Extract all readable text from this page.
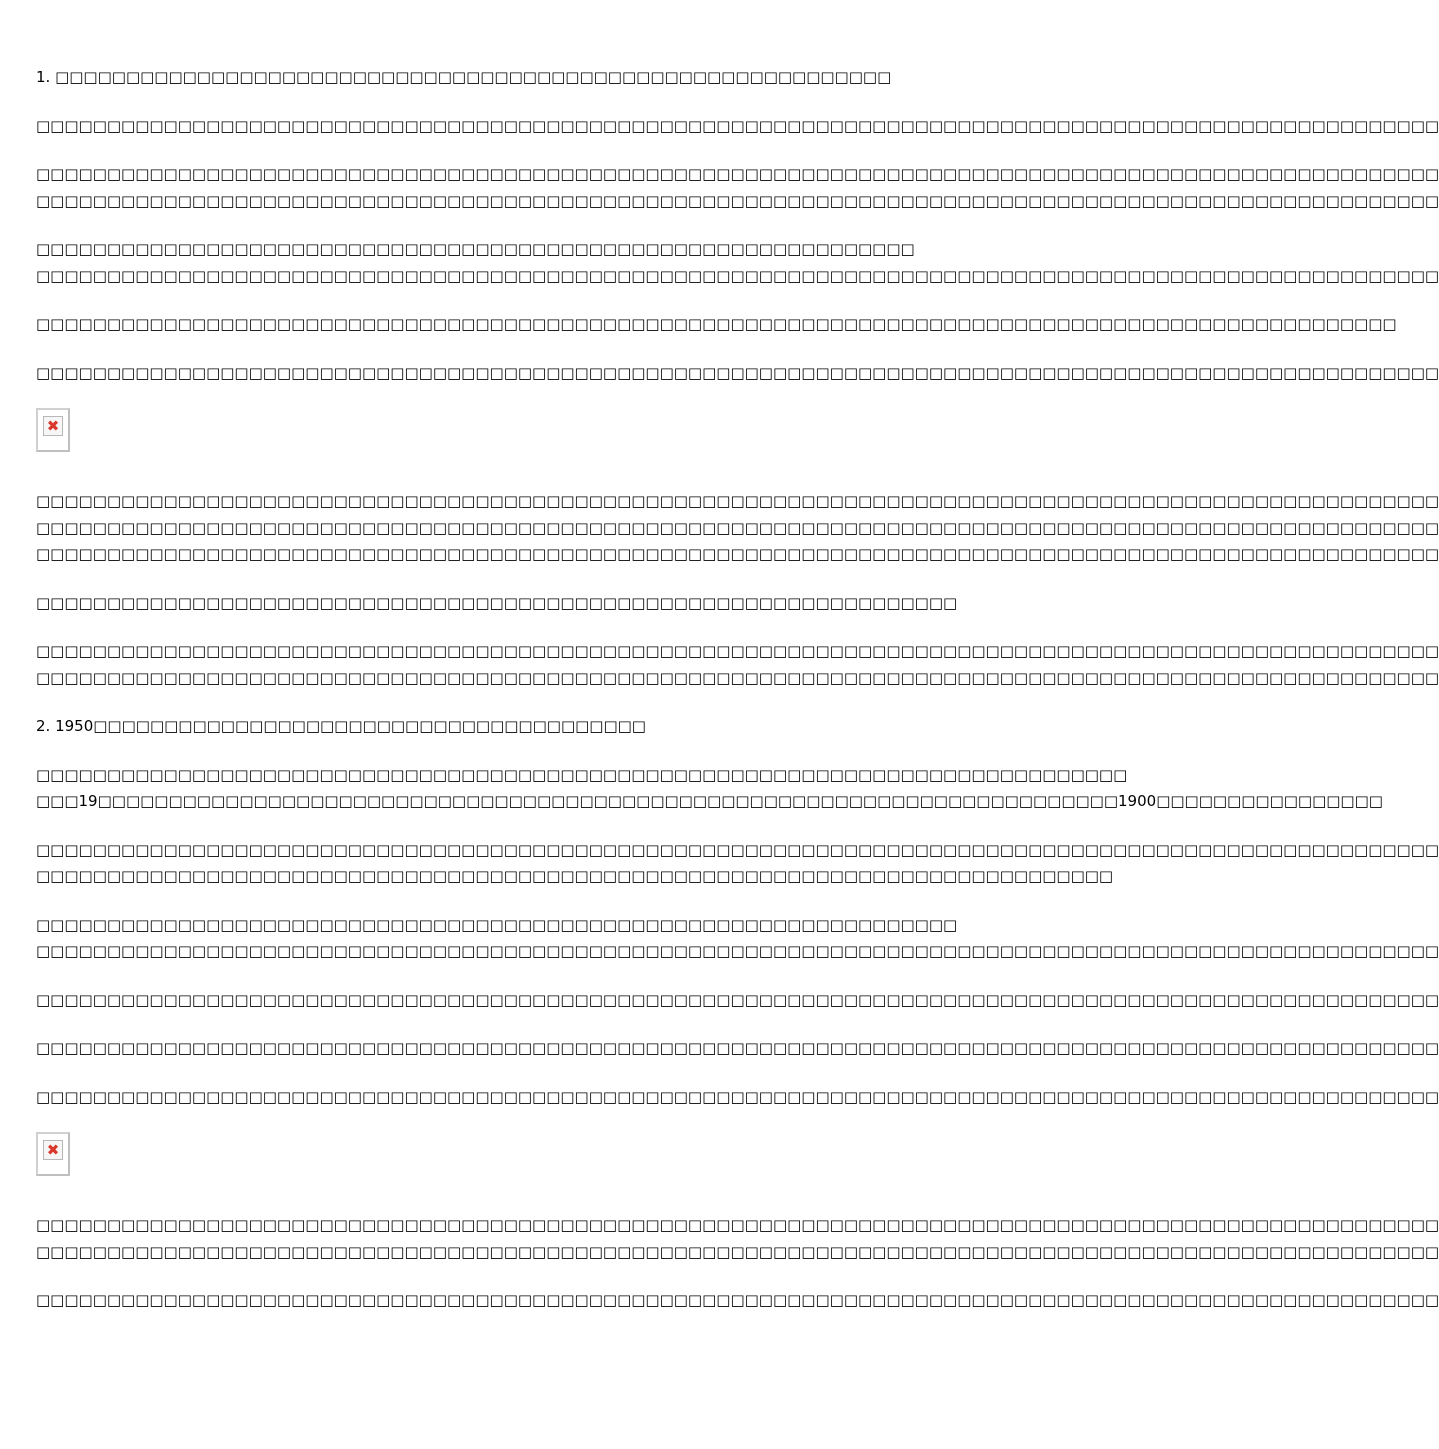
1. □□□□□□□□□□□□□□□□□□□□□□□□□□□□□□□□□□□□□□□□□□□□□□□□□□□□□□□□□□□
□□□□□□□□□□□□□□□□□□□□□□□□□□□□□□□□□□□□□□□□□□□□□□□□□□□□□□□□□□□□□□□□□□□□□□□□□□□□□□□□□□□□□□□□□□□□□□□□□□□
□□□□□□□□□□□□□□□□□□□□□□□□□□□□□□□□□□□□□□□□□□□□□□□□□□□□□□□□□□□□□□□□□□□□□□□□□□□□□□□□□□□□□□□□□□□□□□□□□□□
□□□□□□□□□□□□□□□□□□□□□□□□□□□□□□□□□□□□□□□□□□□□□□□□□□□□□□□□□□□□□□□□□□□□□□□□□□□□□□□□□□□□□□□□□□□□□□□□□□□
□□□□□□□□□□□□□□□□□□□□□□□□□□□□□□□□□□□□□□□□□□□□□□□□□□□□□□□□□□□□□□
□□□□□□□□□□□□□□□□□□□□□□□□□□□□□□□□□□□□□□□□□□□□□□□□□□□□□□□□□□□□□□□□□□□□□□□□□□□□□□□□□□□□□□□□□□□□□□□□□□□
□□□□□□□□□□□□□□□□□□□□□□□□□□□□□□□□□□□□□□□□□□□□□□□□□□□□□□□□□□□□□□□□□□□□□□□□□□□□□□□□□□□□□□□□□□□□□□□□
□□□□□□□□□□□□□□□□□□□□□□□□□□□□□□□□□□□□□□□□□□□□□□□□□□□□□□□□□□□□□□□□□□□□□□□□□□□□□□□□□□□□□□□□□□□□□□□□□□□
✖
□□□□□□□□□□□□□□□□□□□□□□□□□□□□□□□□□□□□□□□□□□□□□□□□□□□□□□□□□□□□□□□□□□□□□□□□□□□□□□□□□□□□□□□□□□□□□□□□□□□
□□□□□□□□□□□□□□□□□□□□□□□□□□□□□□□□□□□□□□□□□□□□□□□□□□□□□□□□□□□□□□□□□□□□□□□□□□□□□□□□□□□□□□□□□□□□□□□□□□□
□□□□□□□□□□□□□□□□□□□□□□□□□□□□□□□□□□□□□□□□□□□□□□□□□□□□□□□□□□□□□□□□□□□□□□□□□□□□□□□□□□□□□□□□□□□□□□□□□□□
□□□□□□□□□□□□□□□□□□□□□□□□□□□□□□□□□□□□□□□□□□□□□□□□□□□□□□□□□□□□□□□□□
□□□□□□□□□□□□□□□□□□□□□□□□□□□□□□□□□□□□□□□□□□□□□□□□□□□□□□□□□□□□□□□□□□□□□□□□□□□□□□□□□□□□□□□□□□□□□□□□□□□
□□□□□□□□□□□□□□□□□□□□□□□□□□□□□□□□□□□□□□□□□□□□□□□□□□□□□□□□□□□□□□□□□□□□□□□□□□□□□□□□□□□□□□□□□□□□□□□□□□□
2. 1950□□□□□□□□□□□□□□□□□□□□□□□□□□□□□□□□□□□□□□□
□□□□□□□□□□□□□□□□□□□□□□□□□□□□□□□□□□□□□□□□□□□□□□□□□□□□□□□□□□□□□□□□□□□□□□□□□□□□□
□□□19□□□□□□□□□□□□□□□□□□□□□□□□□□□□□□□□□□□□□□□□□□□□□□□□□□□□□□□□□□□□□□□□□□□□□□□□1900□□□□□□□□□□□□□□□□
□□□□□□□□□□□□□□□□□□□□□□□□□□□□□□□□□□□□□□□□□□□□□□□□□□□□□□□□□□□□□□□□□□□□□□□□□□□□□□□□□□□□□□□□□□□□□□□□□□□
□□□□□□□□□□□□□□□□□□□□□□□□□□□□□□□□□□□□□□□□□□□□□□□□□□□□□□□□□□□□□□□□□□□□□□□□□□□□
□□□□□□□□□□□□□□□□□□□□□□□□□□□□□□□□□□□□□□□□□□□□□□□□□□□□□□□□□□□□□□□□□
□□□□□□□□□□□□□□□□□□□□□□□□□□□□□□□□□□□□□□□□□□□□□□□□□□□□□□□□□□□□□□□□□□□□□□□□□□□□□□□□□□□□□□□□□□□□□□□□□□□
□□□□□□□□□□□□□□□□□□□□□□□□□□□□□□□□□□□□□□□□□□□□□□□□□□□□□□□□□□□□□□□□□□□□□□□□□□□□□□□□□□□□□□□□□□□□□□□□□□□
□□□□□□□□□□□□□□□□□□□□□□□□□□□□□□□□□□□□□□□□□□□□□□□□□□□□□□□□□□□□□□□□□□□□□□□□□□□□□□□□□□□□□□□□□□□□□□□□□□□
□□□□□□□□□□□□□□□□□□□□□□□□□□□□□□□□□□□□□□□□□□□□□□□□□□□□□□□□□□□□□□□□□□□□□□□□□□□□□□□□□□□□□□□□□□□□□□□□□□□
✖
□□□□□□□□□□□□□□□□□□□□□□□□□□□□□□□□□□□□□□□□□□□□□□□□□□□□□□□□□□□□□□□□□□□□□□□□□□□□□□□□□□□□□□□□□□□□□□□□□□□
□□□□□□□□□□□□□□□□□□□□□□□□□□□□□□□□□□□□□□□□□□□□□□□□□□□□□□□□□□□□□□□□□□□□□□□□□□□□□□□□□□□□□□□□□□□□□□□□□□□
□□□□□□□□□□□□□□□□□□□□□□□□□□□□□□□□□□□□□□□□□□□□□□□□□□□□□□□□□□□□□□□□□□□□□□□□□□□□□□□□□□□□□□□□□□□□□□□□□□□
